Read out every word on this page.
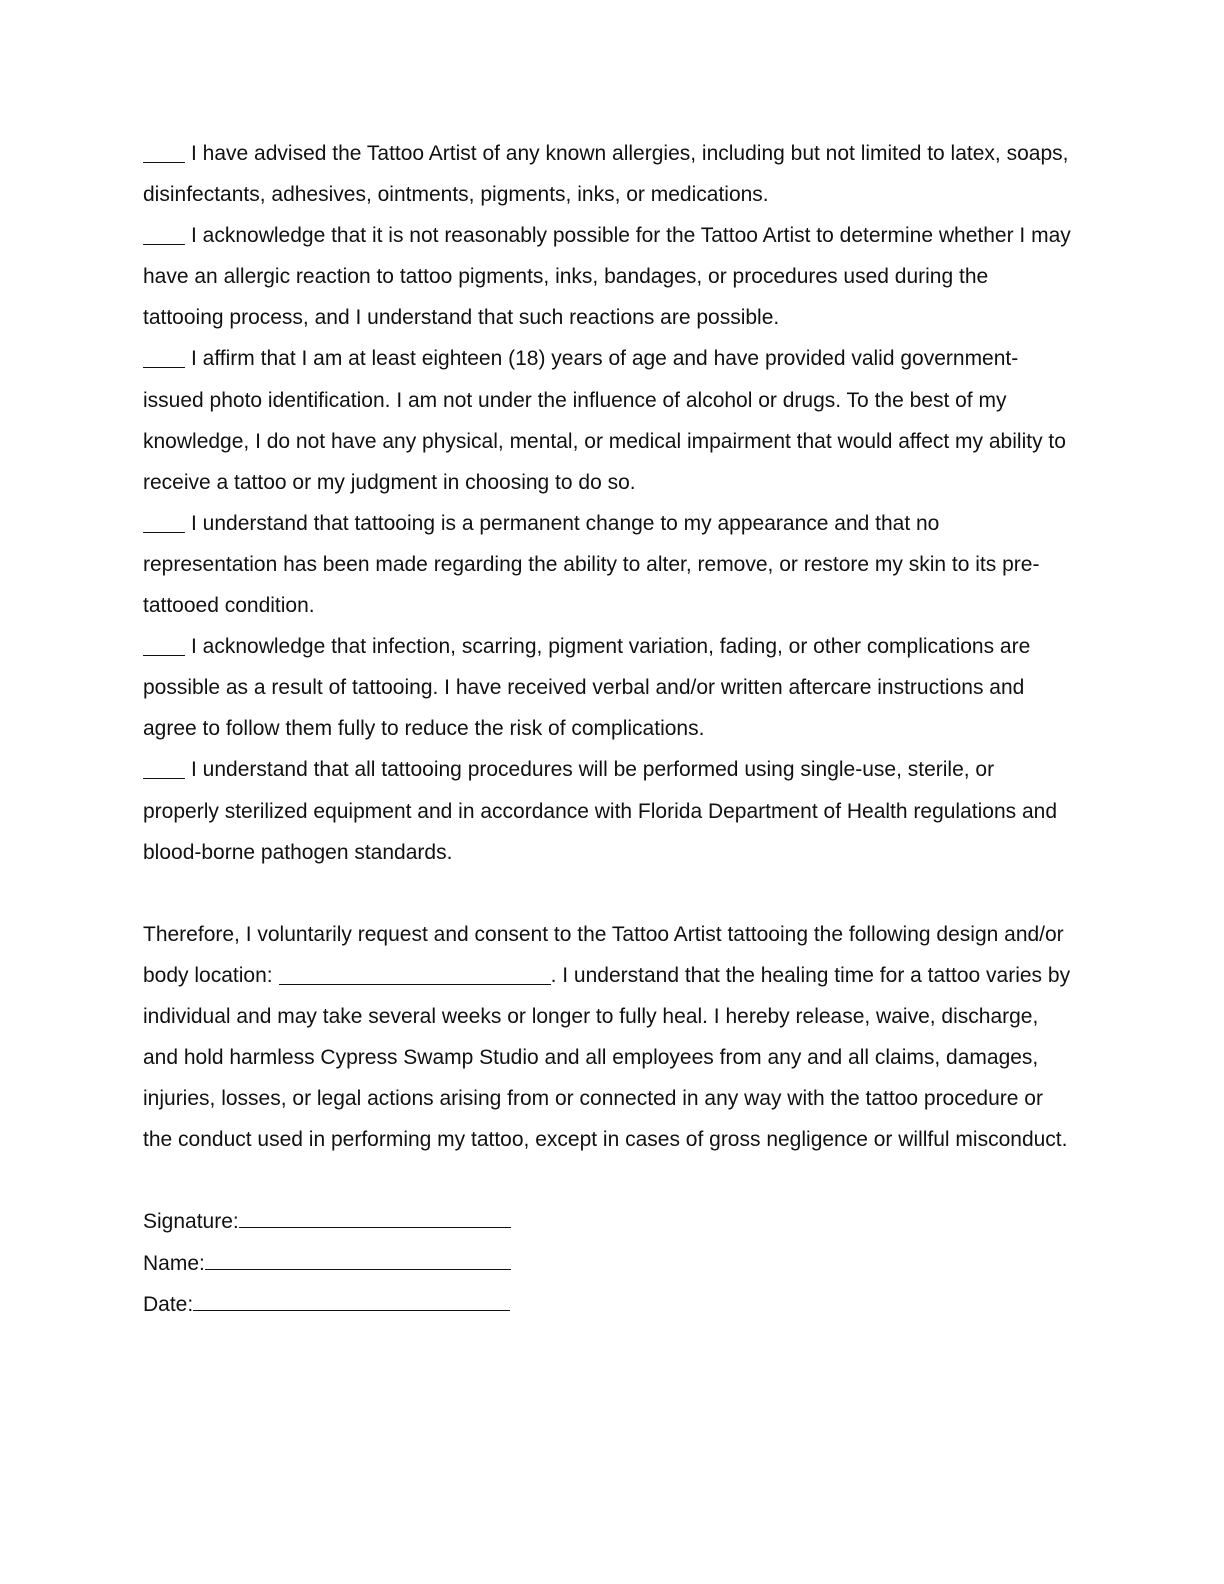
I have advised the Tattoo Artist of any known allergies, including but not limited to latex, soaps, disinfectants, adhesives, ointments, pigments, inks, or medications.

I acknowledge that it is not reasonably possible for the Tattoo Artist to determine whether I may have an allergic reaction to tattoo pigments, inks, bandages, or procedures used during the tattooing process, and I understand that such reactions are possible.

I affirm that I am at least eighteen (18) years of age and have provided valid government-issued photo identification. I am not under the influence of alcohol or drugs. To the best of my knowledge, I do not have any physical, mental, or medical impairment that would affect my ability to receive a tattoo or my judgment in choosing to do so.

I understand that tattooing is a permanent change to my appearance and that no representation has been made regarding the ability to alter, remove, or restore my skin to its pre-tattooed condition.

I acknowledge that infection, scarring, pigment variation, fading, or other complications are possible as a result of tattooing. I have received verbal and/or written aftercare instructions and agree to follow them fully to reduce the risk of complications.

I understand that all tattooing procedures will be performed using single-use, sterile, or properly sterilized equipment and in accordance with Florida Department of Health regulations and blood-borne pathogen standards.

Therefore, I voluntarily request and consent to the Tattoo Artist tattooing the following design and/or body location:	. I understand that the healing time for a tattoo varies by individual and may take several weeks or longer to fully heal. I hereby release, waive, discharge, and hold harmless Cypress Swamp Studio and all employees from any and all claims, damages, injuries, losses, or legal actions arising from or connected in any way with the tattoo procedure or the conduct used in performing my tattoo, except in cases of gross negligence or willful misconduct.

Signature:
Name:
Date:
